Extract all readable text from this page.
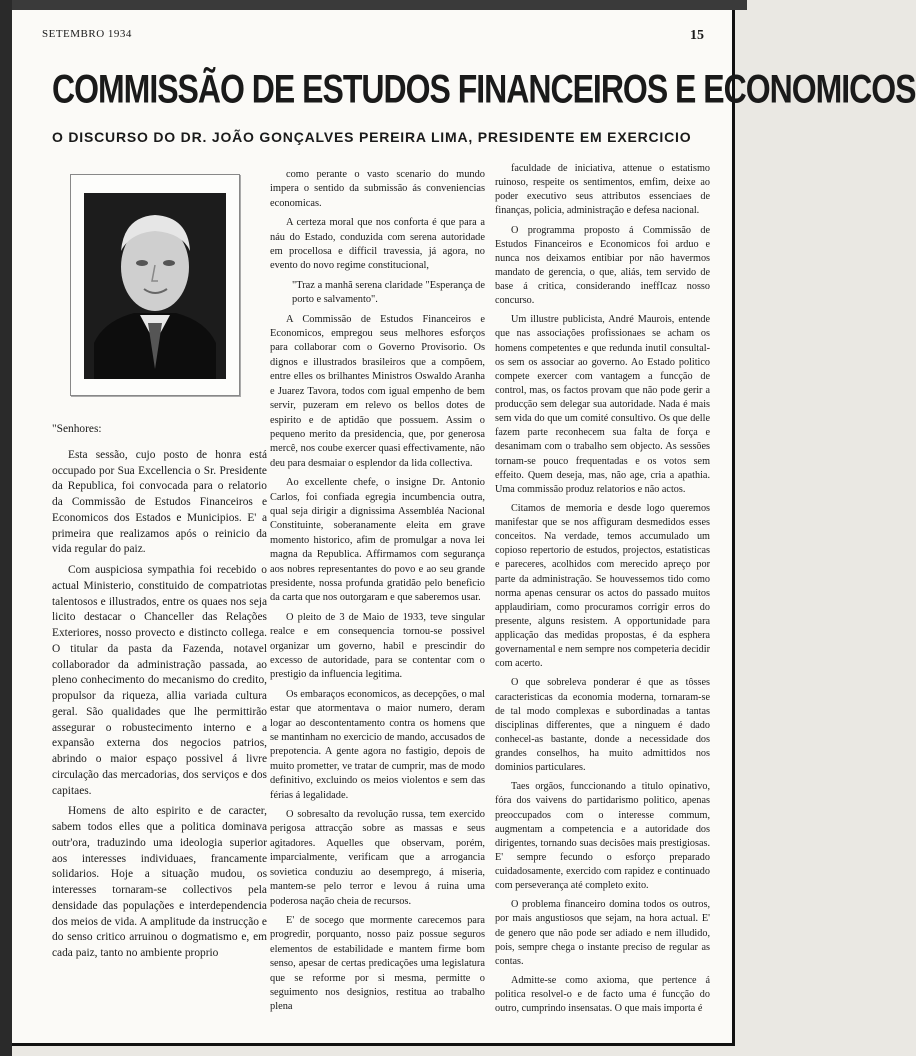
SETEMBRO 1934	15
COMMISSÃO DE ESTUDOS FINANCEIROS E ECONOMICOS
O DISCURSO DO DR. JOÃO GONÇALVES PEREIRA LIMA, PRESIDENTE EM EXERCICIO

"Senhores:

Esta sessão, cujo posto de honra está occupado por Sua Excellencia o Sr. Presidente da Republica, foi convocada para o relatorio da Commissão de Estudos Financeiros e Economicos dos Estados e Municipios. E' a primeira que realizamos após o reinicio da vida regular do paiz.

Com auspiciosa sympathia foi recebido o actual Ministerio, constituido de compatriotas talentosos e illustrados, entre os quaes nos seja licito destacar o Chanceller das Relações Exteriores, nosso provecto e distincto collega. O titular da pasta da Fazenda, notavel collaborador da administração passada, ao pleno conhecimento do mecanismo do credito, propulsor da riqueza, allia variada cultura geral. São qualidades que lhe permittirão assegurar o robustecimento interno e a expansão externa dos negocios patrios, abrindo o maior espaço possivel á livre circulação das mercadorias, dos serviços e dos capitaes.

Homens de alto espirito e de caracter, sabem todos elles que a politica dominava outr'ora, traduzindo uma ideologia superior aos interesses individuaes, francamente solidarios. Hoje a situação mudou, os interesses tornaram-se collectivos pela densidade das populações e interdependencia dos meios de vida. A amplitude da instrucção e do senso critico arruinou o dogmatismo e, em cada paiz, tanto no ambiente proprio

como perante o vasto scenario do mundo impera o sentido da submissão ás conveniencias economicas.

A certeza moral que nos conforta é que para a náu do Estado, conduzida com serena autoridade em procellosa e difficil travessia, já agora, no evento do novo regime constitucional,

"Traz a manhã serena claridade "Esperança de porto e salvamento".

A Commissão de Estudos Financeiros e Economicos, empregou seus melhores esforços para collaborar com o Governo Provisorio. Os dignos e illustrados brasileiros que a compõem, entre elles os brilhantes Ministros Oswaldo Aranha e Juarez Tavora, todos com igual empenho de bem servir, puzeram em relevo os bellos dotes de espirito e de aptidão que possuem. Assim o pequeno merito da presidencia, que, por generosa mercê, nos coube exercer quasi effectivamente, não deu para desmaiar o esplendor da lida collectiva.

Ao excellente chefe, o insigne Dr. Antonio Carlos, foi confiada egregia incumbencia outra, qual seja dirigir a dignissima Assembléa Nacional Constituinte, soberanamente eleita em grave momento historico, afim de promulgar a nova lei magna da Republica. Affirmamos com segurança aos nobres representantes do povo e ao seu grande presidente, nossa profunda gratidão pelo beneficio da carta que nos outorgaram e que saberemos usar.

O pleito de 3 de Maio de 1933, teve singular realce e em consequencia tornou-se possivel organizar um governo, habil e prescindir do excesso de autoridade, para se contentar com o prestigio da influencia legitima.

Os embaraços economicos, as decepções, o mal estar que atormentava o maior numero, deram logar ao descontentamento contra os homens que se mantinham no exercicio de mando, accusados de prepotencia. A gente agora no fastigio, depois de muito prometter, ve tratar de cumprir, mas de modo definitivo, excluindo os meios violentos e sem das férias á legalidade.

O sobresalto da revolução russa, tem exercido perigosa attracção sobre as massas e seus agitadores. Aquelles que observam, porém, imparcialmente, verificam que a arrogancia sovietica conduziu ao desemprego, á miseria, mantem-se pelo terror e levou á ruina uma poderosa nação cheia de recursos.

E' de socego que mormente carecemos para progredir, porquanto, nosso paiz possue seguros elementos de estabilidade e mantem firme bom senso, apesar de certas predicações uma legislatura que se reforme por si mesma, permitte o seguimento nos designios, restitua ao trabalho plena

faculdade de iniciativa, attenue o estatismo ruinoso, respeite os sentimentos, emfim, deixe ao poder executivo seus attributos essenciaes de finanças, policia, administração e defesa nacional.

O programma proposto á Commissão de Estudos Financeiros e Economicos foi arduo e nunca nos deixamos entibiar por não havermos mandato de gerencia, o que, aliás, tem servido de base á critica, considerando ineffIcaz nosso concurso.

Um illustre publicista, André Maurois, entende que nas associações profissionaes se acham os homens competentes e que redunda inutil consultal-os sem os associar ao governo. Ao Estado politico compete exercer com vantagem a funcção de control, mas, os factos provam que não pode gerir a producção sem delegar sua autoridade. Nada é mais sem vida do que um comité consultivo. Os que delle fazem parte reconhecem sua falta de força e desanimam com o trabalho sem objecto. As sessões tornam-se pouco frequentadas e os votos sem effeito. Quem deseja, mas, não age, cria a apathia. Uma commissão produz relatorios e não actos.

Citamos de memoria e desde logo queremos manifestar que se nos affiguram desmedidos esses conceitos. Na verdade, temos accumulado um copioso repertorio de estudos, projectos, estatisticas e pareceres, acolhidos com merecido apreço por parte da administração. Se houvessemos tido como norma apenas censurar os actos do passado muitos applaudiriam, como procuramos corrigir erros do presente, alguns resistem. A opportunidade para applicação das medidas propostas, é da esphera governamental e nem sempre nos competeria decidir com acerto.

O que sobreleva ponderar é que as tôsses caracteristicas da economia moderna, tornaram-se de tal modo complexas e subordinadas a tantas disciplinas differentes, que a ninguem é dado conhecel-as bastante, donde a necessidade dos grandes conselhos, ha muito admittidos nos dominios particulares.

Taes orgãos, funccionando a titulo opinativo, fóra dos vaivens do partidarismo politico, apenas preoccupados com o interesse commum, augmentam a competencia e a autoridade dos dirigentes, tornando suas decisões mais prestigiosas. E' sempre fecundo o esforço preparado cuidadosamente, exercido com rapidez e continuado com perseverança até completo exito.

O problema financeiro domina todos os outros, por mais angustiosos que sejam, na hora actual. E' de genero que não pode ser adiado e nem illudido, pois, sempre chega o instante preciso de regular as contas.

Admitte-se como axioma, que pertence á politica resolvel-o e de facto uma é funcção do outro, cumprindo insensatas. O que mais importa é
